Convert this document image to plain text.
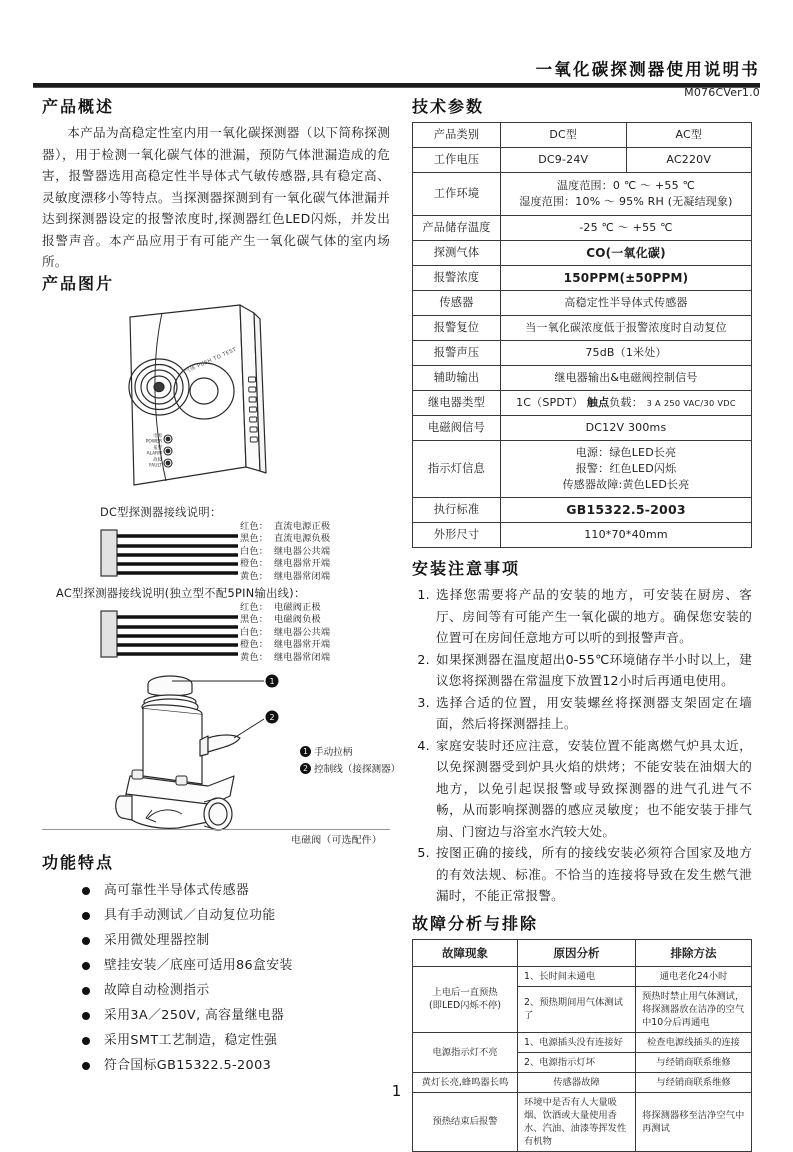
一氧化碳探测器使用说明书
M076CVer1.0
产品概述

本产品为高稳定性室内用一氧化碳探测器（以下简称探测器），用于检测一氧化碳气体的泄漏，预防气体泄漏造成的危害，报警器选用高稳定性半导体式气敏传感器,具有稳定高、灵敏度漂移小等特点。当探测器探测到有一氧化碳气体泄漏并达到探测器设定的报警浓度时,探测器红色LED闪烁，并发出报警声音。本产品应用于有可能产生一氧化碳气体的室内场所。

产品图片
气体 PUSH TO TEST
电源
POWER
报警
ALARM
故障
FAULT
DC型探测器接线说明：
红色： 直流电源正极
黑色： 直流电源负极
白色： 继电器公共端
橙色： 继电器常开端
黄色： 继电器常闭端
AC型探测器接线说明(独立型不配5PIN输出线)：
红色： 电磁阀正极
黑色： 电磁阀负极
白色： 继电器公共端
橙色： 继电器常开端
黄色： 继电器常闭端
1
2
1 手动拉柄
2 控制线（接探测器）
电磁阀（可选配件）
功能特点
高可靠性半导体式传感器
具有手动测试／自动复位功能
采用微处理器控制
壁挂安装／底座可适用86盒安装
故障自动检测指示
采用3A／250V, 高容量继电器
采用SMT工艺制造，稳定性强
符合国标GB15322.5-2003
技术参数
产品类别	DC型	AC型
工作电压	DC9-24V	AC220V
工作环境	温度范围：0 ℃ ～ +55 ℃
湿度范围：10% ～ 95% RH (无凝结现象)	

产品储存温度	-25 ℃ ～ +55 ℃	
探测气体	CO(一氧化碳)	
报警浓度	150PPM(±50PPM)	
传感器	高稳定性半导体式传感器	
报警复位	当一氧化碳浓度低于报警浓度时自动复位	
报警声压	75dB（1米处）	
辅助输出	继电器输出&电磁阀控制信号	
继电器类型	1C（SPDT） 触点负载： 3 A 250 VAC/30 VDC	
电磁阀信号	DC12V 300ms	
指示灯信息	电源：绿色LED长亮
报警：红色LED闪烁
传感器故障:黄色LED长亮	

执行标准	GB15322.5-2003	
外形尺寸	110*70*40mm	
安装注意事项
1. 选择您需要将产品的安装的地方，可安装在厨房、客厅、房间等有可能产生一氧化碳的地方。确保您安装的位置可在房间任意地方可以听的到报警声音。
2. 如果探测器在温度超出0-55℃环境储存半小时以上，建议您将探测器在常温度下放置12小时后再通电使用。
3. 选择合适的位置，用安装螺丝将探测器支架固定在墙面，然后将探测器挂上。
4. 家庭安装时还应注意，安装位置不能离燃气炉具太近，以免探测器受到炉具火焰的烘烤；不能安装在油烟大的地方，以免引起误报警或导致探测器的进气孔进气不畅，从而影响探测器的感应灵敏度；也不能安装于排气扇、门窗边与浴室水汽较大处。
5. 按图正确的接线，所有的接线安装必须符合国家及地方的有效法规、标准。不恰当的连接将导致在发生燃气泄漏时，不能正常报警。
故障分析与排除
故障现象	原因分析	排除方法

上电后一直预热
(即LED闪烁不停)	1、长时间未通电	通电老化24小时
	2、预热期间用气体测试了	预热时禁止用气体测试，将探测器放在洁净的空气中10分后再通电
电源指示灯不亮	1、电源插头没有连接好	检查电源线插头的连接
	2、电源指示灯坏	与经销商联系维修
黄灯长亮,蜂鸣器长鸣	传感器故障	与经销商联系维修
预热结束后报警	环境中是否有人大量吸烟、饮酒或大量使用香水、汽油、油漆等挥发性有机物	将探测器移至洁净空气中再测试
1
